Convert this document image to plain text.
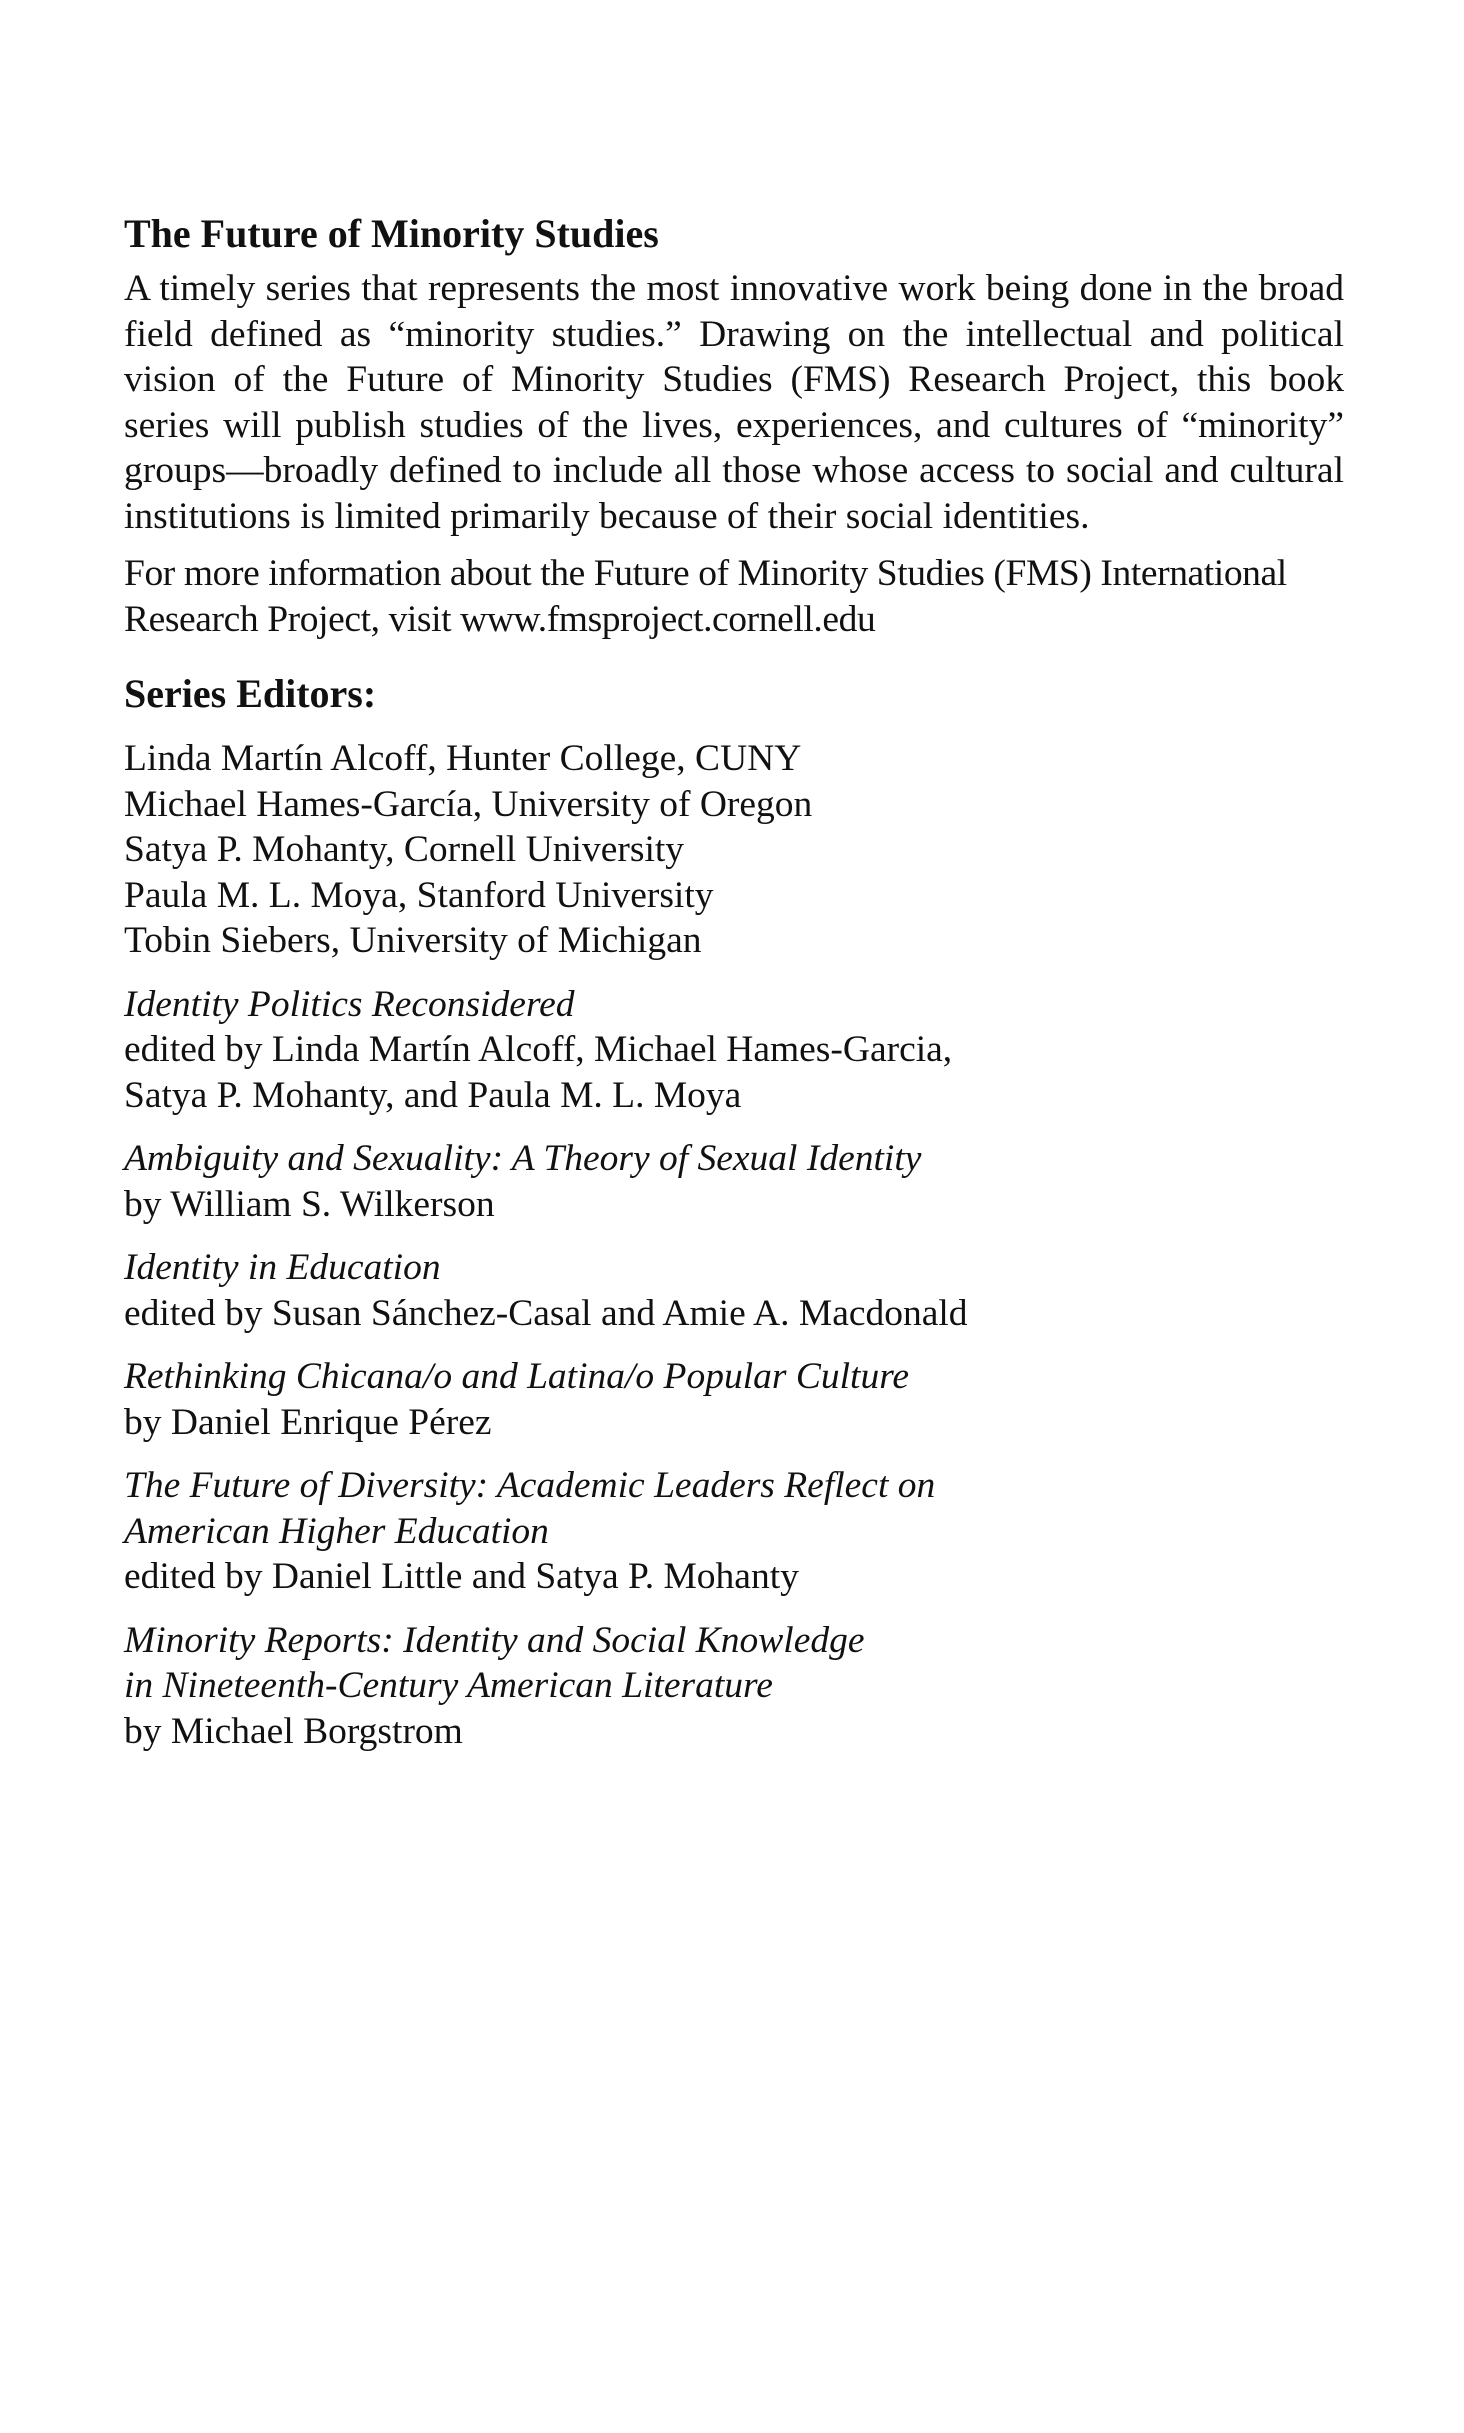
The Future of Minority Studies

A timely series that represents the most innovative work being done in the broad field defined as “minority studies.” Drawing on the intellectual and political vision of the Future of Minority Studies (FMS) Research Project, this book series will publish studies of the lives, experiences, and cultures of “minority” groups—broadly defined to include all those whose access to social and cultural institutions is limited primarily because of their social identities.

For more information about the Future of Minority Studies (FMS) International Research Project, visit www.fmsproject.cornell.edu

Series Editors:
Linda Martín Alcoff, Hunter College, CUNY
Michael Hames-García, University of Oregon
Satya P. Mohanty, Cornell University
Paula M. L. Moya, Stanford University
Tobin Siebers, University of Michigan
Identity Politics Reconsidered
edited by Linda Martín Alcoff, Michael Hames-Garcia,
Satya P. Mohanty, and Paula M. L. Moya
Ambiguity and Sexuality: A Theory of Sexual Identity
by William S. Wilkerson
Identity in Education
edited by Susan Sánchez-Casal and Amie A. Macdonald
Rethinking Chicana/o and Latina/o Popular Culture
by Daniel Enrique Pérez
The Future of Diversity: Academic Leaders Reflect on
American Higher Education
edited by Daniel Little and Satya P. Mohanty
Minority Reports: Identity and Social Knowledge
in Nineteenth-Century American Literature
by Michael Borgstrom
